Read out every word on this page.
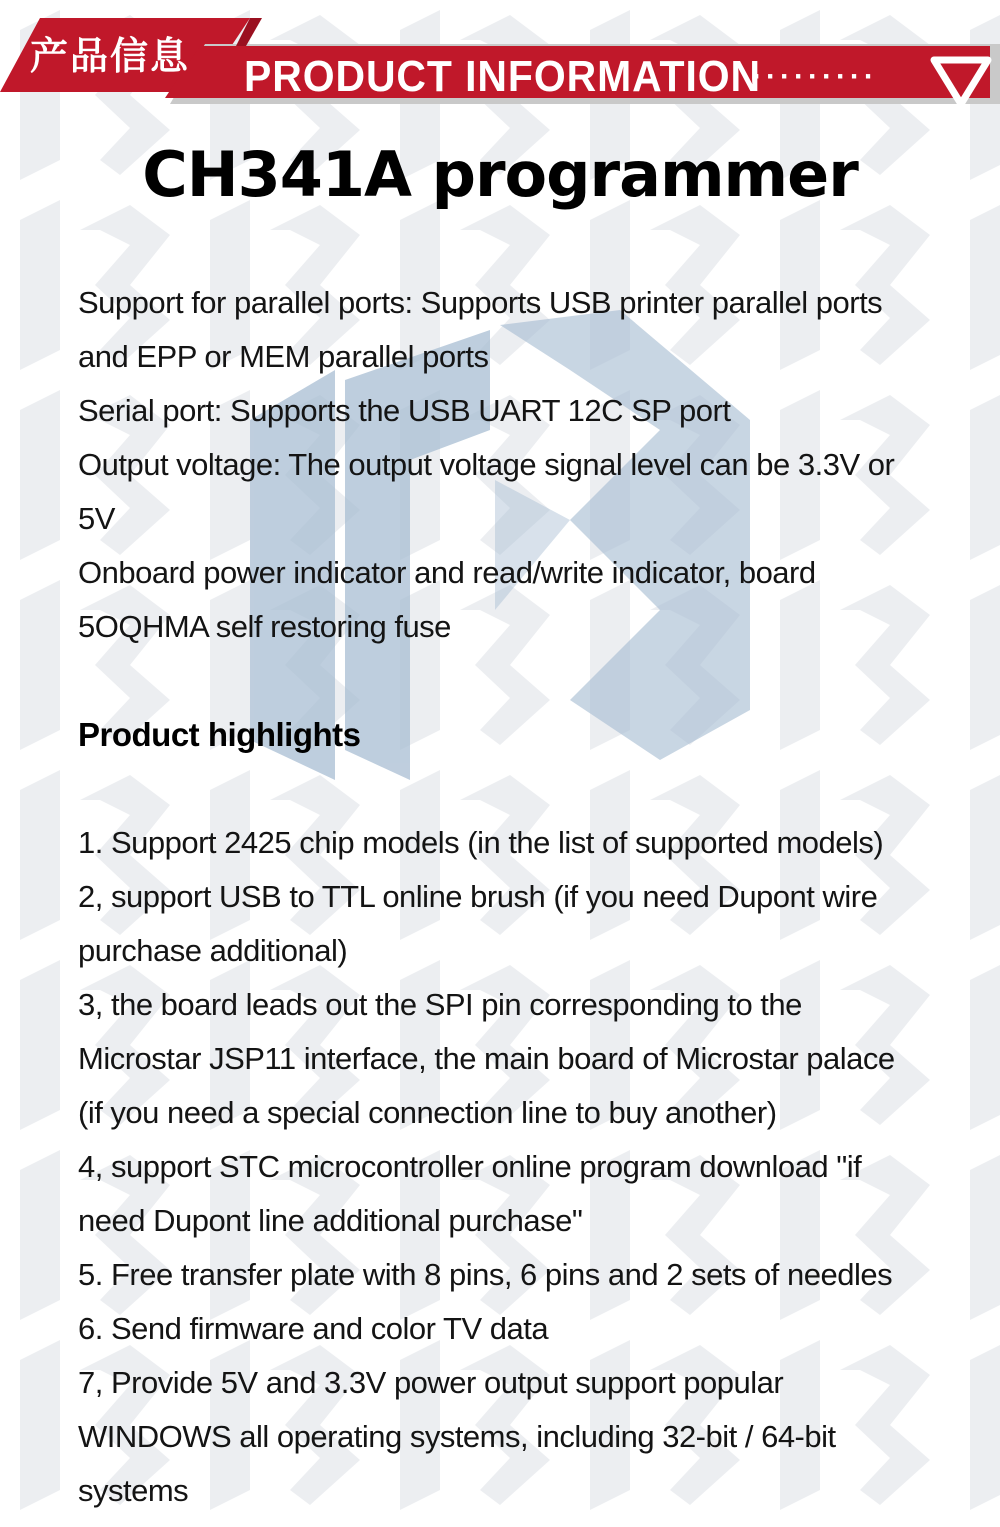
产品信息	PRODUCT INFORMATION
·········
CH341A programmer
Support for parallel ports: Supports USB printer parallel ports
and EPP or MEM parallel ports
Serial port: Supports the USB UART 12C SP port
Output voltage: The output voltage signal level can be 3.3V or
5V
Onboard power indicator and read/write indicator, board
5OQHMA self restoring fuse
Product highlights
1. Support 2425 chip models (in the list of supported models)
2, support USB to TTL online brush (if you need Dupont wire
purchase additional)
3, the board leads out the SPI pin corresponding to the
Microstar JSP11 interface, the main board of Microstar palace
(if you need a special connection line to buy another)
4, support STC microcontroller online program download "if
need Dupont line additional purchase"
5. Free transfer plate with 8 pins, 6 pins and 2 sets of needles
6. Send firmware and color TV data
7, Provide 5V and 3.3V power output support popular
WINDOWS all operating systems, including 32-bit / 64-bit
systems
